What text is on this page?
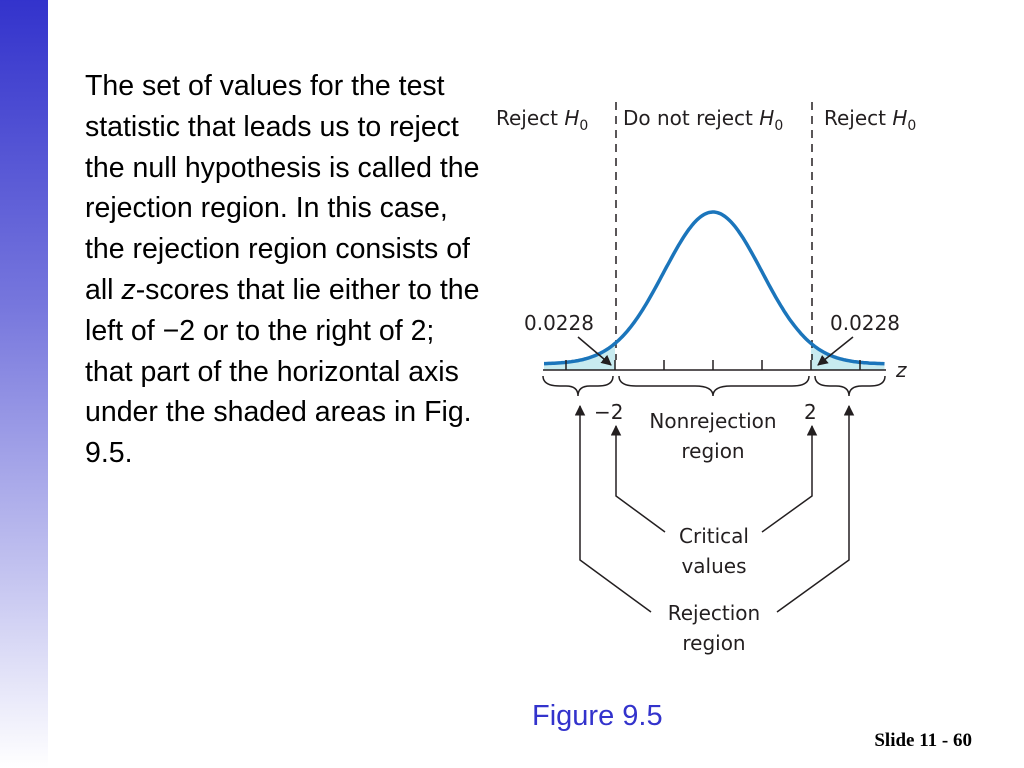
The set of values for the test statistic that leads us to reject the null hypothesis is called the rejection region. In this case, the rejection region consists of all z-scores that lie either to the left of −2 or to the right of 2; that part of the horizontal axis under the shaded areas in Fig. 9.5.
Reject $H_0$ Do not reject $H_0$ Reject $H_0$
z
0.0228	0.0228
−2	2
Nonrejection
region
Critical
values
Rejection
region
Figure 9.5
Slide 11 - 60
